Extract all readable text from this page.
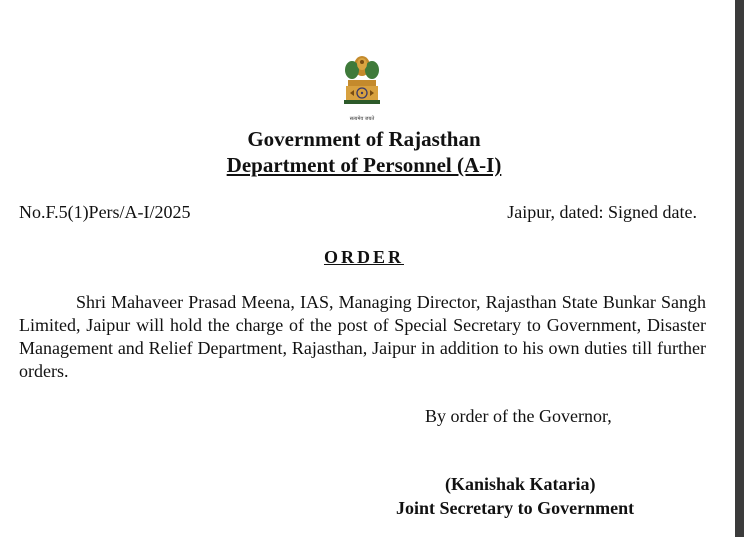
सत्यमेव जयते
Government of Rajasthan
Department of Personnel (A-I)
No.F.5(1)Pers/A-I/2025	Jaipur, dated: Signed date.
ORDER

Shri Mahaveer Prasad Meena, IAS, Managing Director, Rajasthan State Bunkar Sangh Limited, Jaipur will hold the charge of the post of Special Secretary to Government, Disaster Management and Relief Department, Rajasthan, Jaipur in addition to his own duties till further orders.

By order of the Governor,
(Kanishak Kataria)
Joint Secretary to Government
